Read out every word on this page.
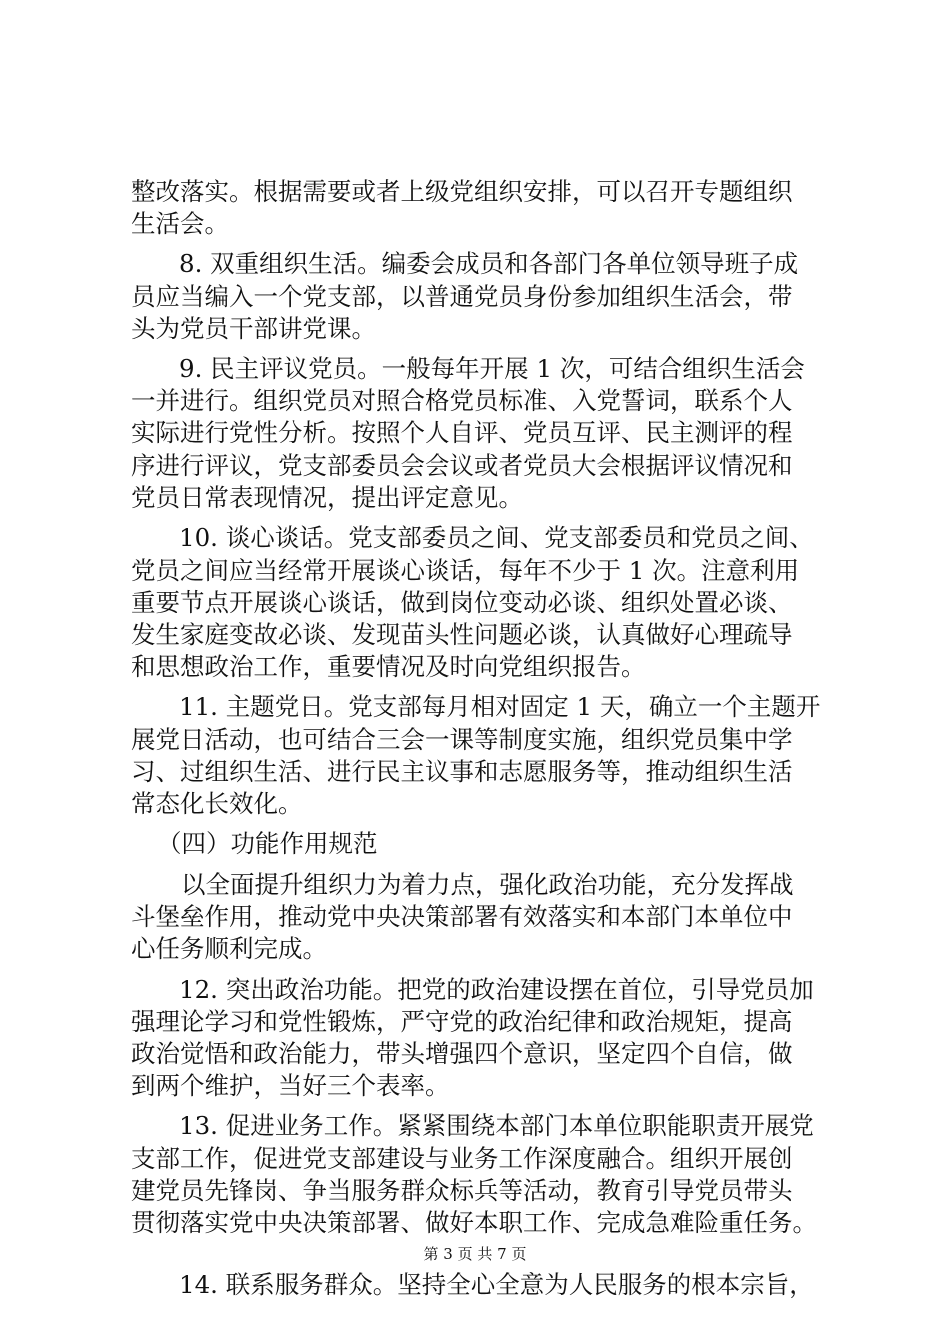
整改落实。根据需要或者上级党组织安排，可以召开专题组织
生活会。
8. 双重组织生活。编委会成员和各部门各单位领导班子成
员应当编入一个党支部，以普通党员身份参加组织生活会，带
头为党员干部讲党课。
9. 民主评议党员。一般每年开展 1 次，可结合组织生活会
一并进行。组织党员对照合格党员标准、入党誓词，联系个人
实际进行党性分析。按照个人自评、党员互评、民主测评的程
序进行评议，党支部委员会会议或者党员大会根据评议情况和
党员日常表现情况，提出评定意见。
10. 谈心谈话。党支部委员之间、党支部委员和党员之间、
党员之间应当经常开展谈心谈话，每年不少于 1 次。注意利用
重要节点开展谈心谈话，做到岗位变动必谈、组织处置必谈、
发生家庭变故必谈、发现苗头性问题必谈，认真做好心理疏导
和思想政治工作，重要情况及时向党组织报告。
11. 主题党日。党支部每月相对固定 1 天，确立一个主题开
展党日活动，也可结合三会一课等制度实施，组织党员集中学
习、过组织生活、进行民主议事和志愿服务等，推动组织生活
常态化长效化。
（四）功能作用规范
以全面提升组织力为着力点，强化政治功能，充分发挥战
斗堡垒作用，推动党中央决策部署有效落实和本部门本单位中
心任务顺利完成。
12. 突出政治功能。把党的政治建设摆在首位，引导党员加
强理论学习和党性锻炼，严守党的政治纪律和政治规矩，提高
政治觉悟和政治能力，带头增强四个意识，坚定四个自信，做
到两个维护，当好三个表率。
13. 促进业务工作。紧紧围绕本部门本单位职能职责开展党
支部工作，促进党支部建设与业务工作深度融合。组织开展创
建党员先锋岗、争当服务群众标兵等活动，教育引导党员带头
贯彻落实党中央决策部署、做好本职工作、完成急难险重任务。
14. 联系服务群众。坚持全心全意为人民服务的根本宗旨，
第 3 页 共 7 页
